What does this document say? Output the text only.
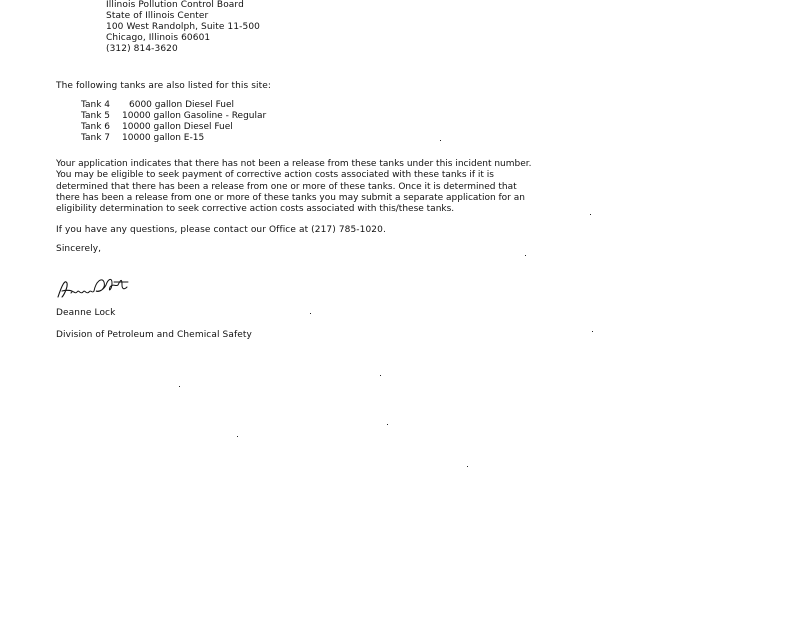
Illinois Pollution Control Board
State of Illinois Center
100 West Randolph, Suite 11-500
Chicago, Illinois 60601
(312) 814-3620
The following tanks are also listed for this site:
Tank 4 6000 gallon Diesel Fuel
Tank 5 10000 gallon Gasoline - Regular
Tank 6 10000 gallon Diesel Fuel
Tank 7 10000 gallon E-15
Your application indicates that there has not been a release from these tanks under this incident number.
You may be eligible to seek payment of corrective action costs associated with these tanks if it is
determined that there has been a release from one or more of these tanks. Once it is determined that
there has been a release from one or more of these tanks you may submit a separate application for an
eligibility determination to seek corrective action costs associated with this/these tanks.
If you have any questions, please contact our Office at (217) 785-1020.
Sincerely,
Deanne Lock
Division of Petroleum and Chemical Safety
